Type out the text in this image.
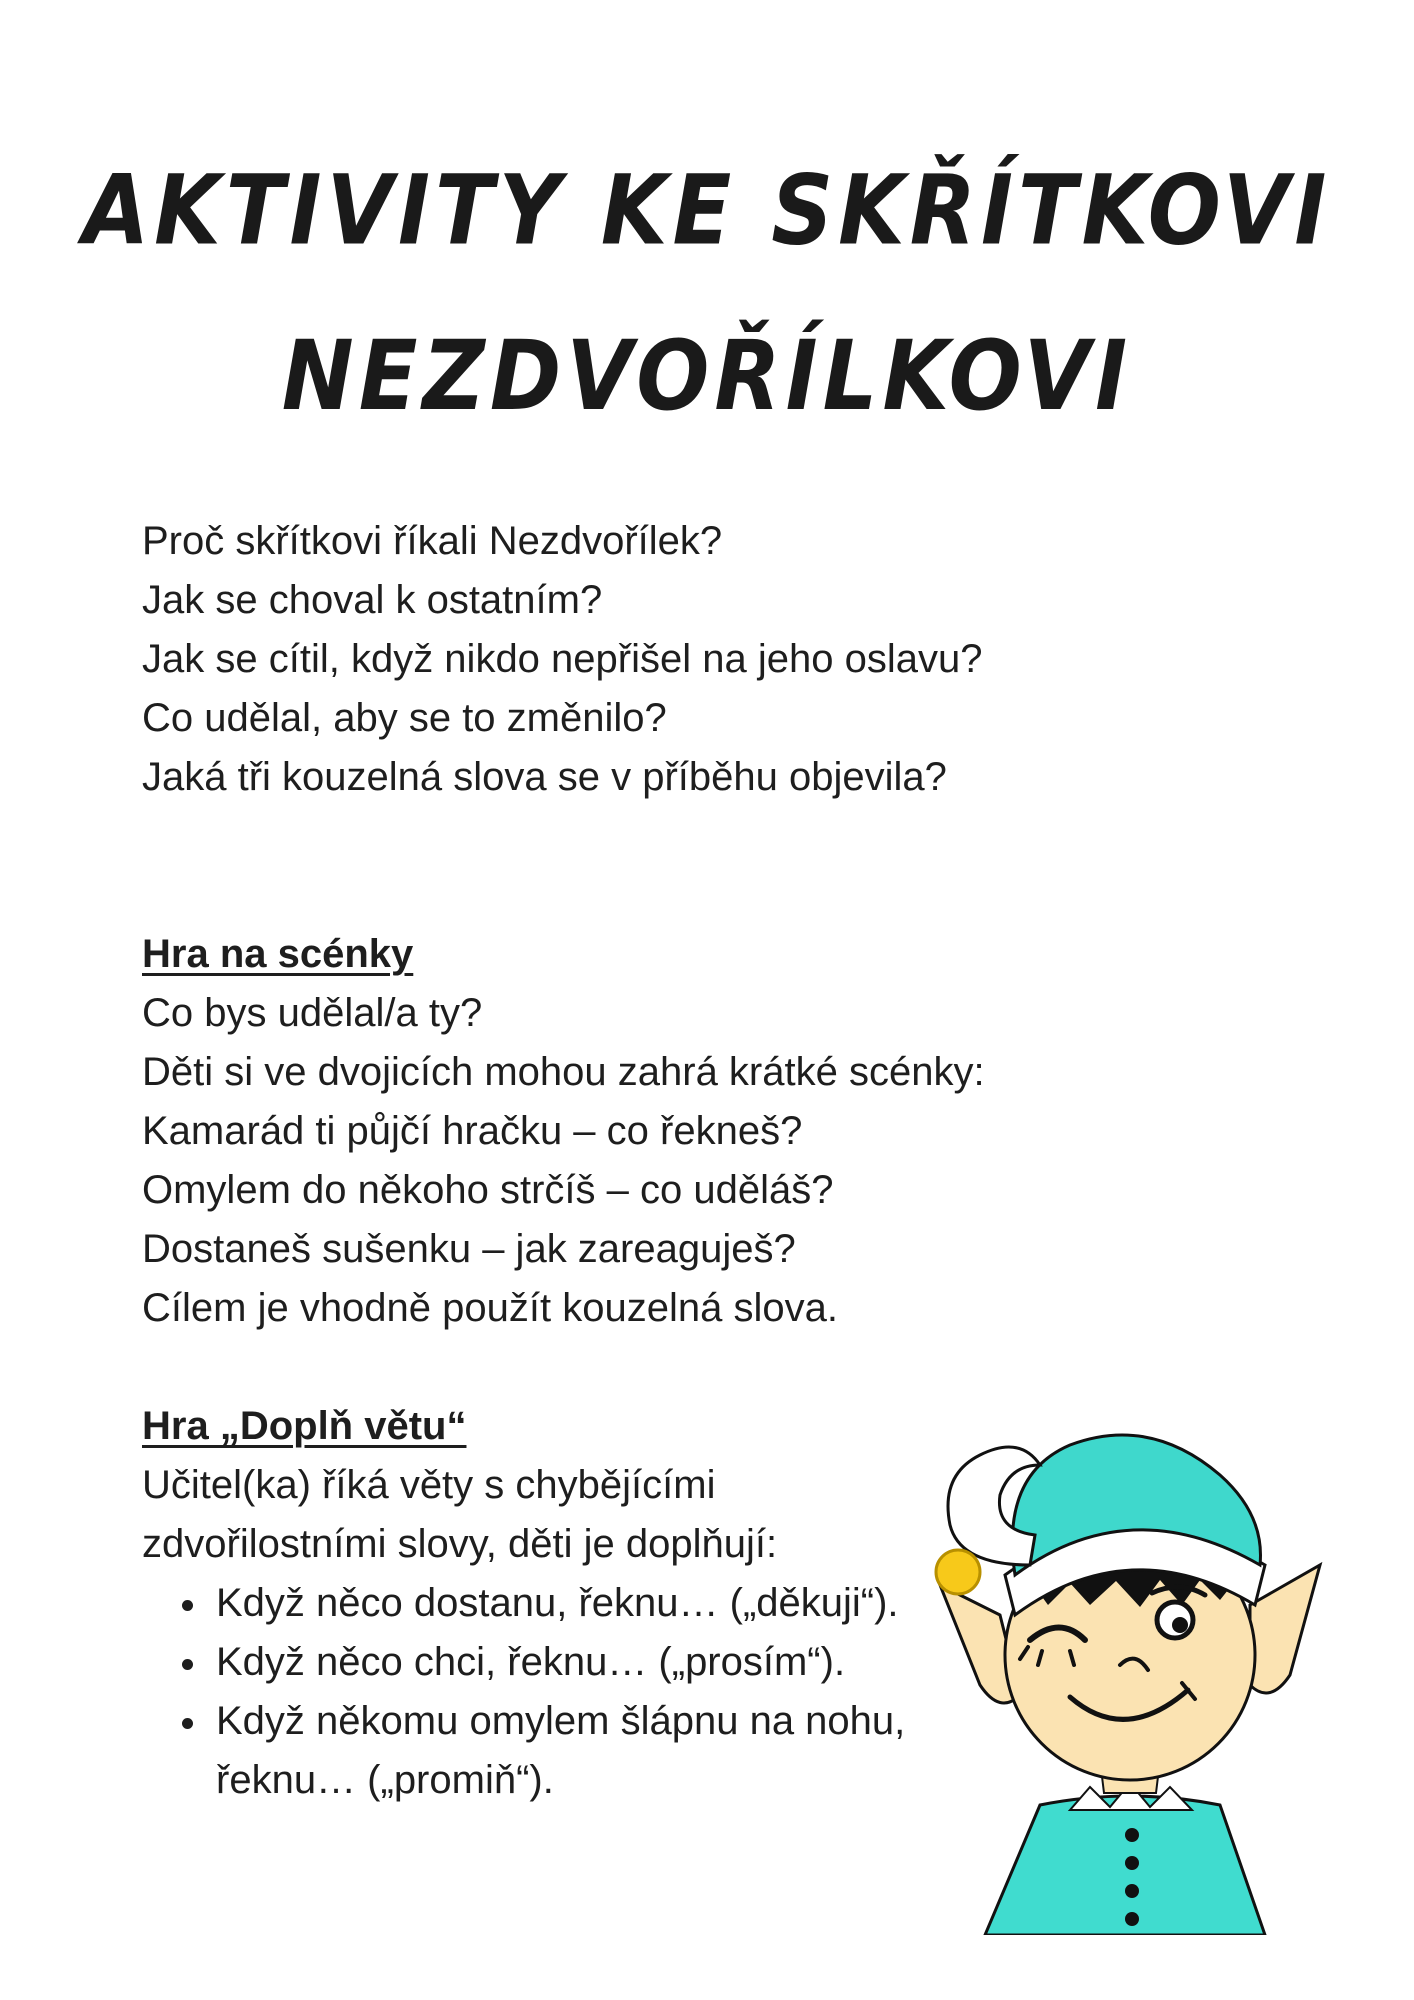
AKTIVITY KE SKŘÍTKOVI
NEZDVOŘÍLKOVI
Proč skřítkovi říkali Nezdvořílek?
Jak se choval k ostatním?
Jak se cítil, když nikdo nepřišel na jeho oslavu?
Co udělal, aby se to změnilo?
Jaká tři kouzelná slova se v příběhu objevila?
Hra na scénky
Co bys udělal/a ty?
Děti si ve dvojicích mohou zahrá krátké scénky:
Kamarád ti půjčí hračku – co řekneš?
Omylem do někoho strčíš – co uděláš?
Dostaneš sušenku – jak zareaguješ?
Cílem je vhodně použít kouzelná slova.
Hra „Doplň větu“
Učitel(ka) říká věty s chybějícími
zdvořilostními slovy, děti je doplňují:
Když něco dostanu, řeknu… („děkuji“).
Když něco chci, řeknu… („prosím“).
Když někomu omylem šlápnu na nohu, řeknu… („promiň“).
